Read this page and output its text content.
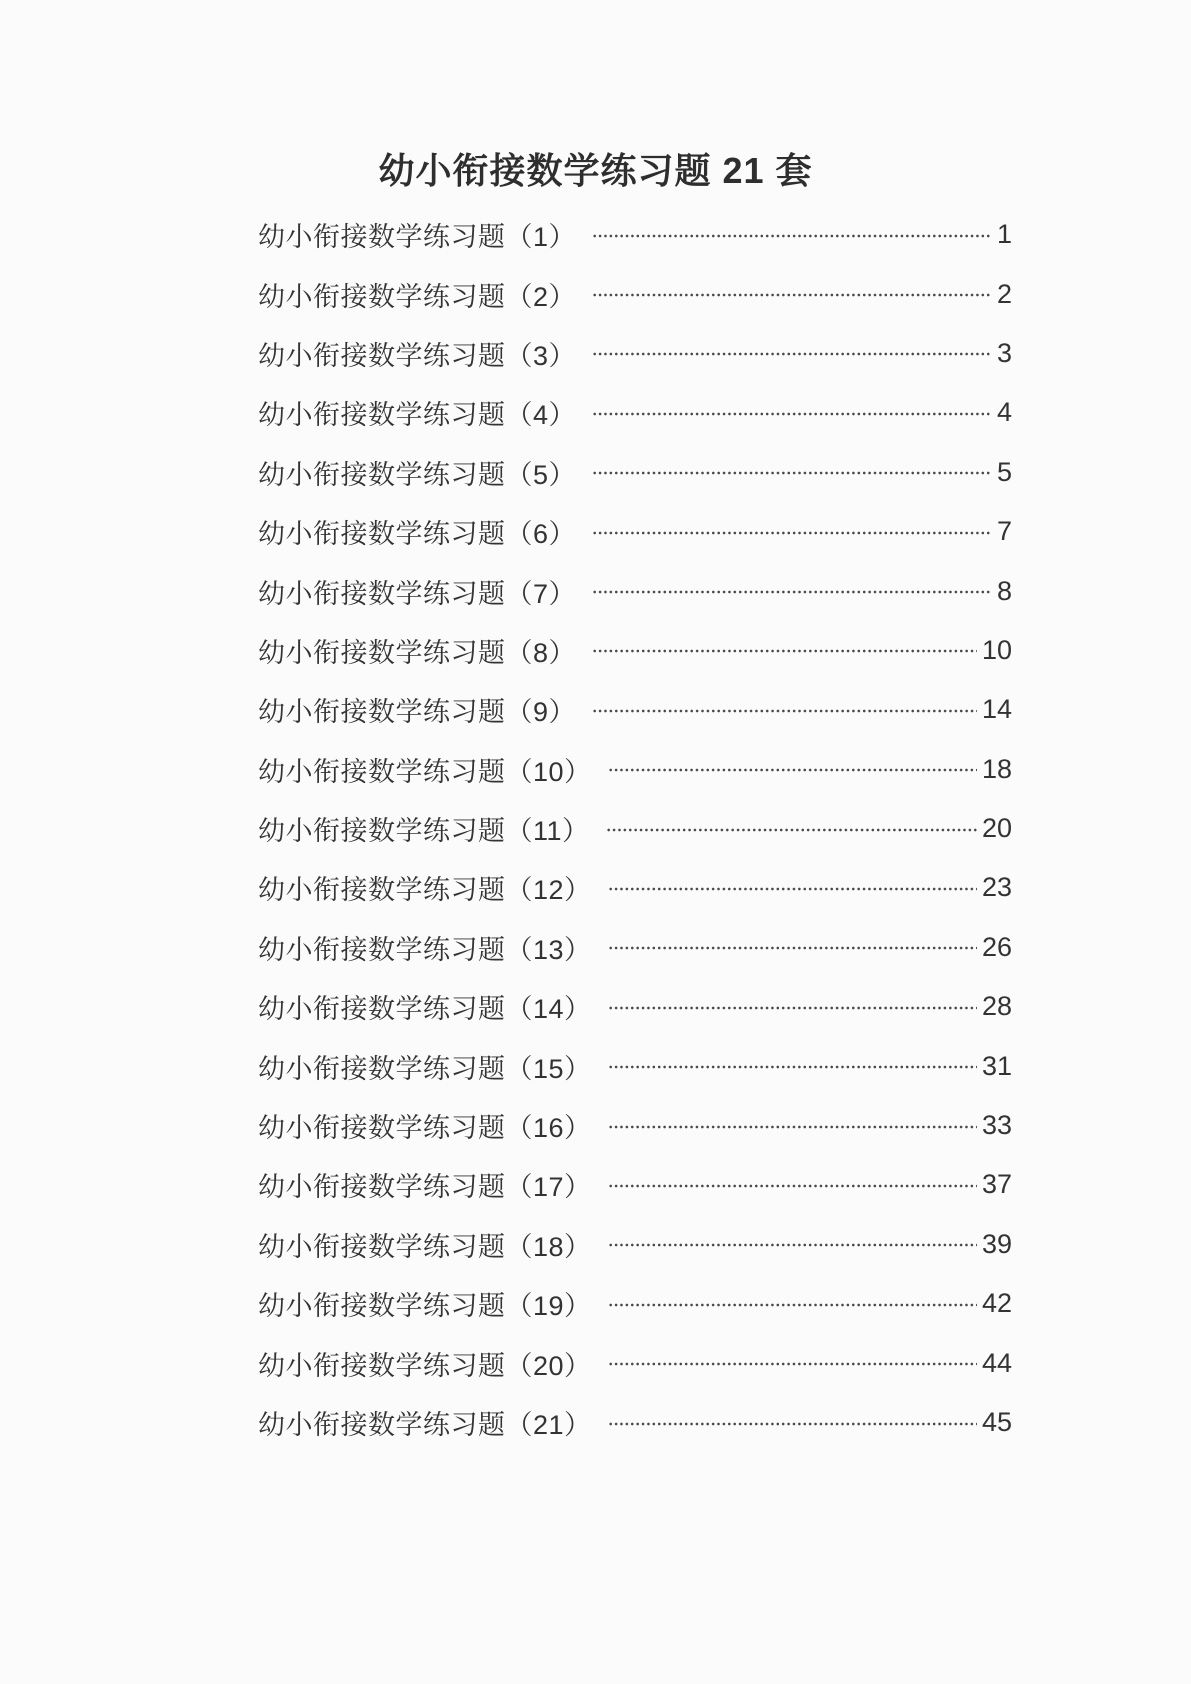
幼小衔接数学练习题 21 套
幼小衔接数学练习题（1）	1
幼小衔接数学练习题（2）	2
幼小衔接数学练习题（3）	3
幼小衔接数学练习题（4）	4
幼小衔接数学练习题（5）	5
幼小衔接数学练习题（6）	7
幼小衔接数学练习题（7）	8
幼小衔接数学练习题（8）	10
幼小衔接数学练习题（9）	14
幼小衔接数学练习题（10）	18
幼小衔接数学练习题（11）	20
幼小衔接数学练习题（12）	23
幼小衔接数学练习题（13）	26
幼小衔接数学练习题（14）	28
幼小衔接数学练习题（15）	31
幼小衔接数学练习题（16）	33
幼小衔接数学练习题（17）	37
幼小衔接数学练习题（18）	39
幼小衔接数学练习题（19）	42
幼小衔接数学练习题（20）	44
幼小衔接数学练习题（21）	45
